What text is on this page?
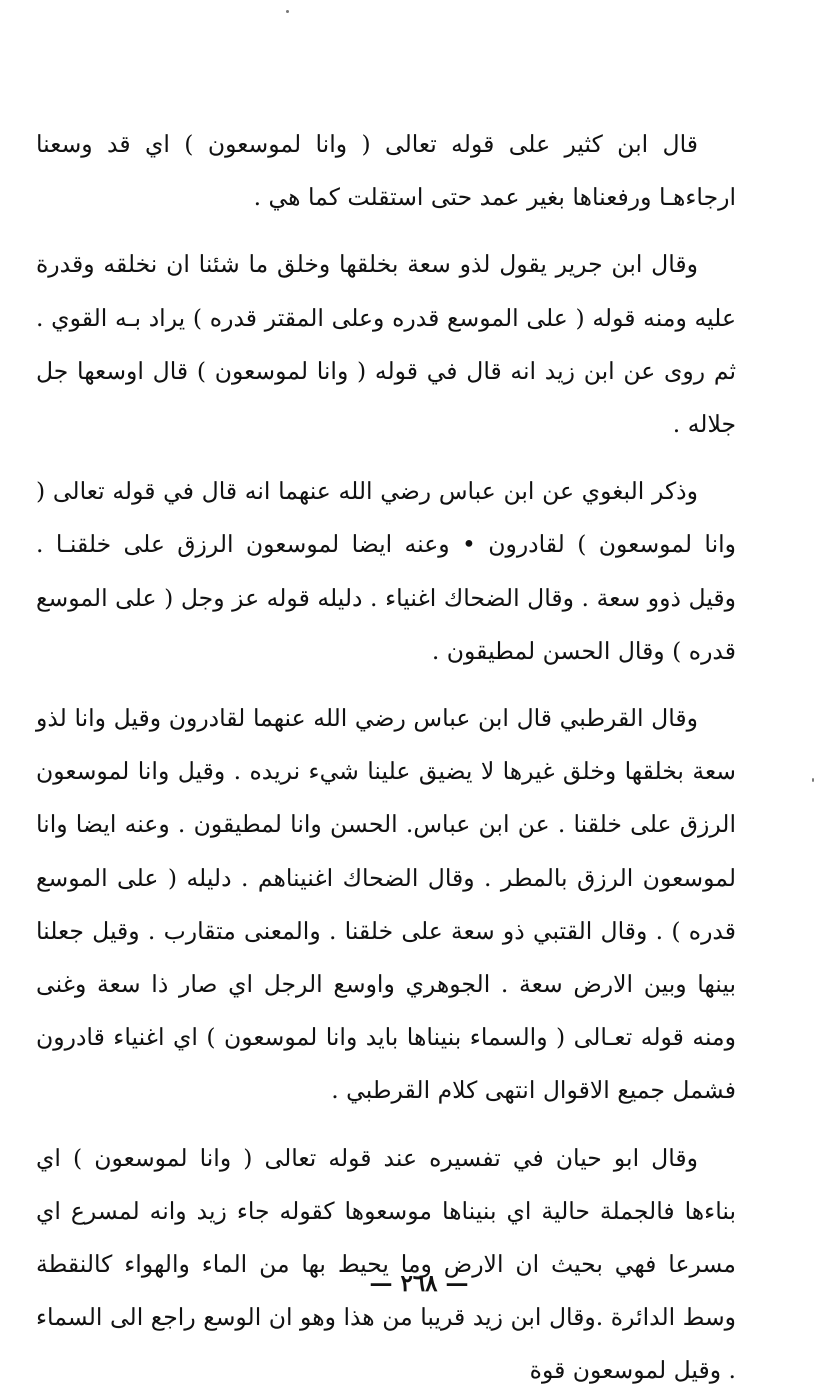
قال ابن كثير على قوله تعالى ( وانا لموسعون ) اي قد وسعنا ارجاءهـا ورفعناها بغير عمد حتى استقلت كما هي .

وقال ابن جرير يقول لذو سعة بخلقها وخلق ما شئنا ان نخلقه وقدرة عليه ومنه قوله ( على الموسع قدره وعلى المقتر قدره ) يراد بـه القوي . ثم روى عن ابن زيد انه قال في قوله ( وانا لموسعون ) قال اوسعها جل جلاله .

وذكر البغوي عن ابن عباس رضي الله عنهما انه قال في قوله تعالى ( وانا لموسعون ) لقادرون • وعنه ايضا لموسعون الرزق على خلقنـا . وقيل ذوو سعة . وقال الضحاك اغنياء . دليله قوله عز وجل ( على الموسع قدره ) وقال الحسن لمطيقون .

وقال القرطبي قال ابن عباس رضي الله عنهما لقادرون وقيل وانا لذو سعة بخلقها وخلق غيرها لا يضيق علينا شيء نريده . وقيل وانا لموسعون الرزق على خلقنا . عن ابن عباس. الحسن وانا لمطيقون . وعنه ايضا وانا لموسعون الرزق بالمطر . وقال الضحاك اغنيناهم . دليله ( على الموسع قدره ) . وقال القتبي ذو سعة على خلقنا . والمعنى متقارب . وقيل جعلنا بينها وبين الارض سعة . الجوهري واوسع الرجل اي صار ذا سعة وغنى ومنه قوله تعـالى ( والسماء بنيناها بايد وانا لموسعون ) اي اغنياء قادرون فشمل جميع الاقوال انتهى كلام القرطبي .

وقال ابو حيان في تفسيره عند قوله تعالى ( وانا لموسعون ) اي بناءها فالجملة حالية اي بنيناها موسعوها كقوله جاء زيد وانه لمسرع اي مسرعا فهي بحيث ان الارض وما يحيط بها من الماء والهواء كالنقطة وسط الدائرة .وقال ابن زيد قريبا من هذا وهو ان الوسع راجع الى السماء . وقيل لموسعون قوة

— ٢٦٨ —
